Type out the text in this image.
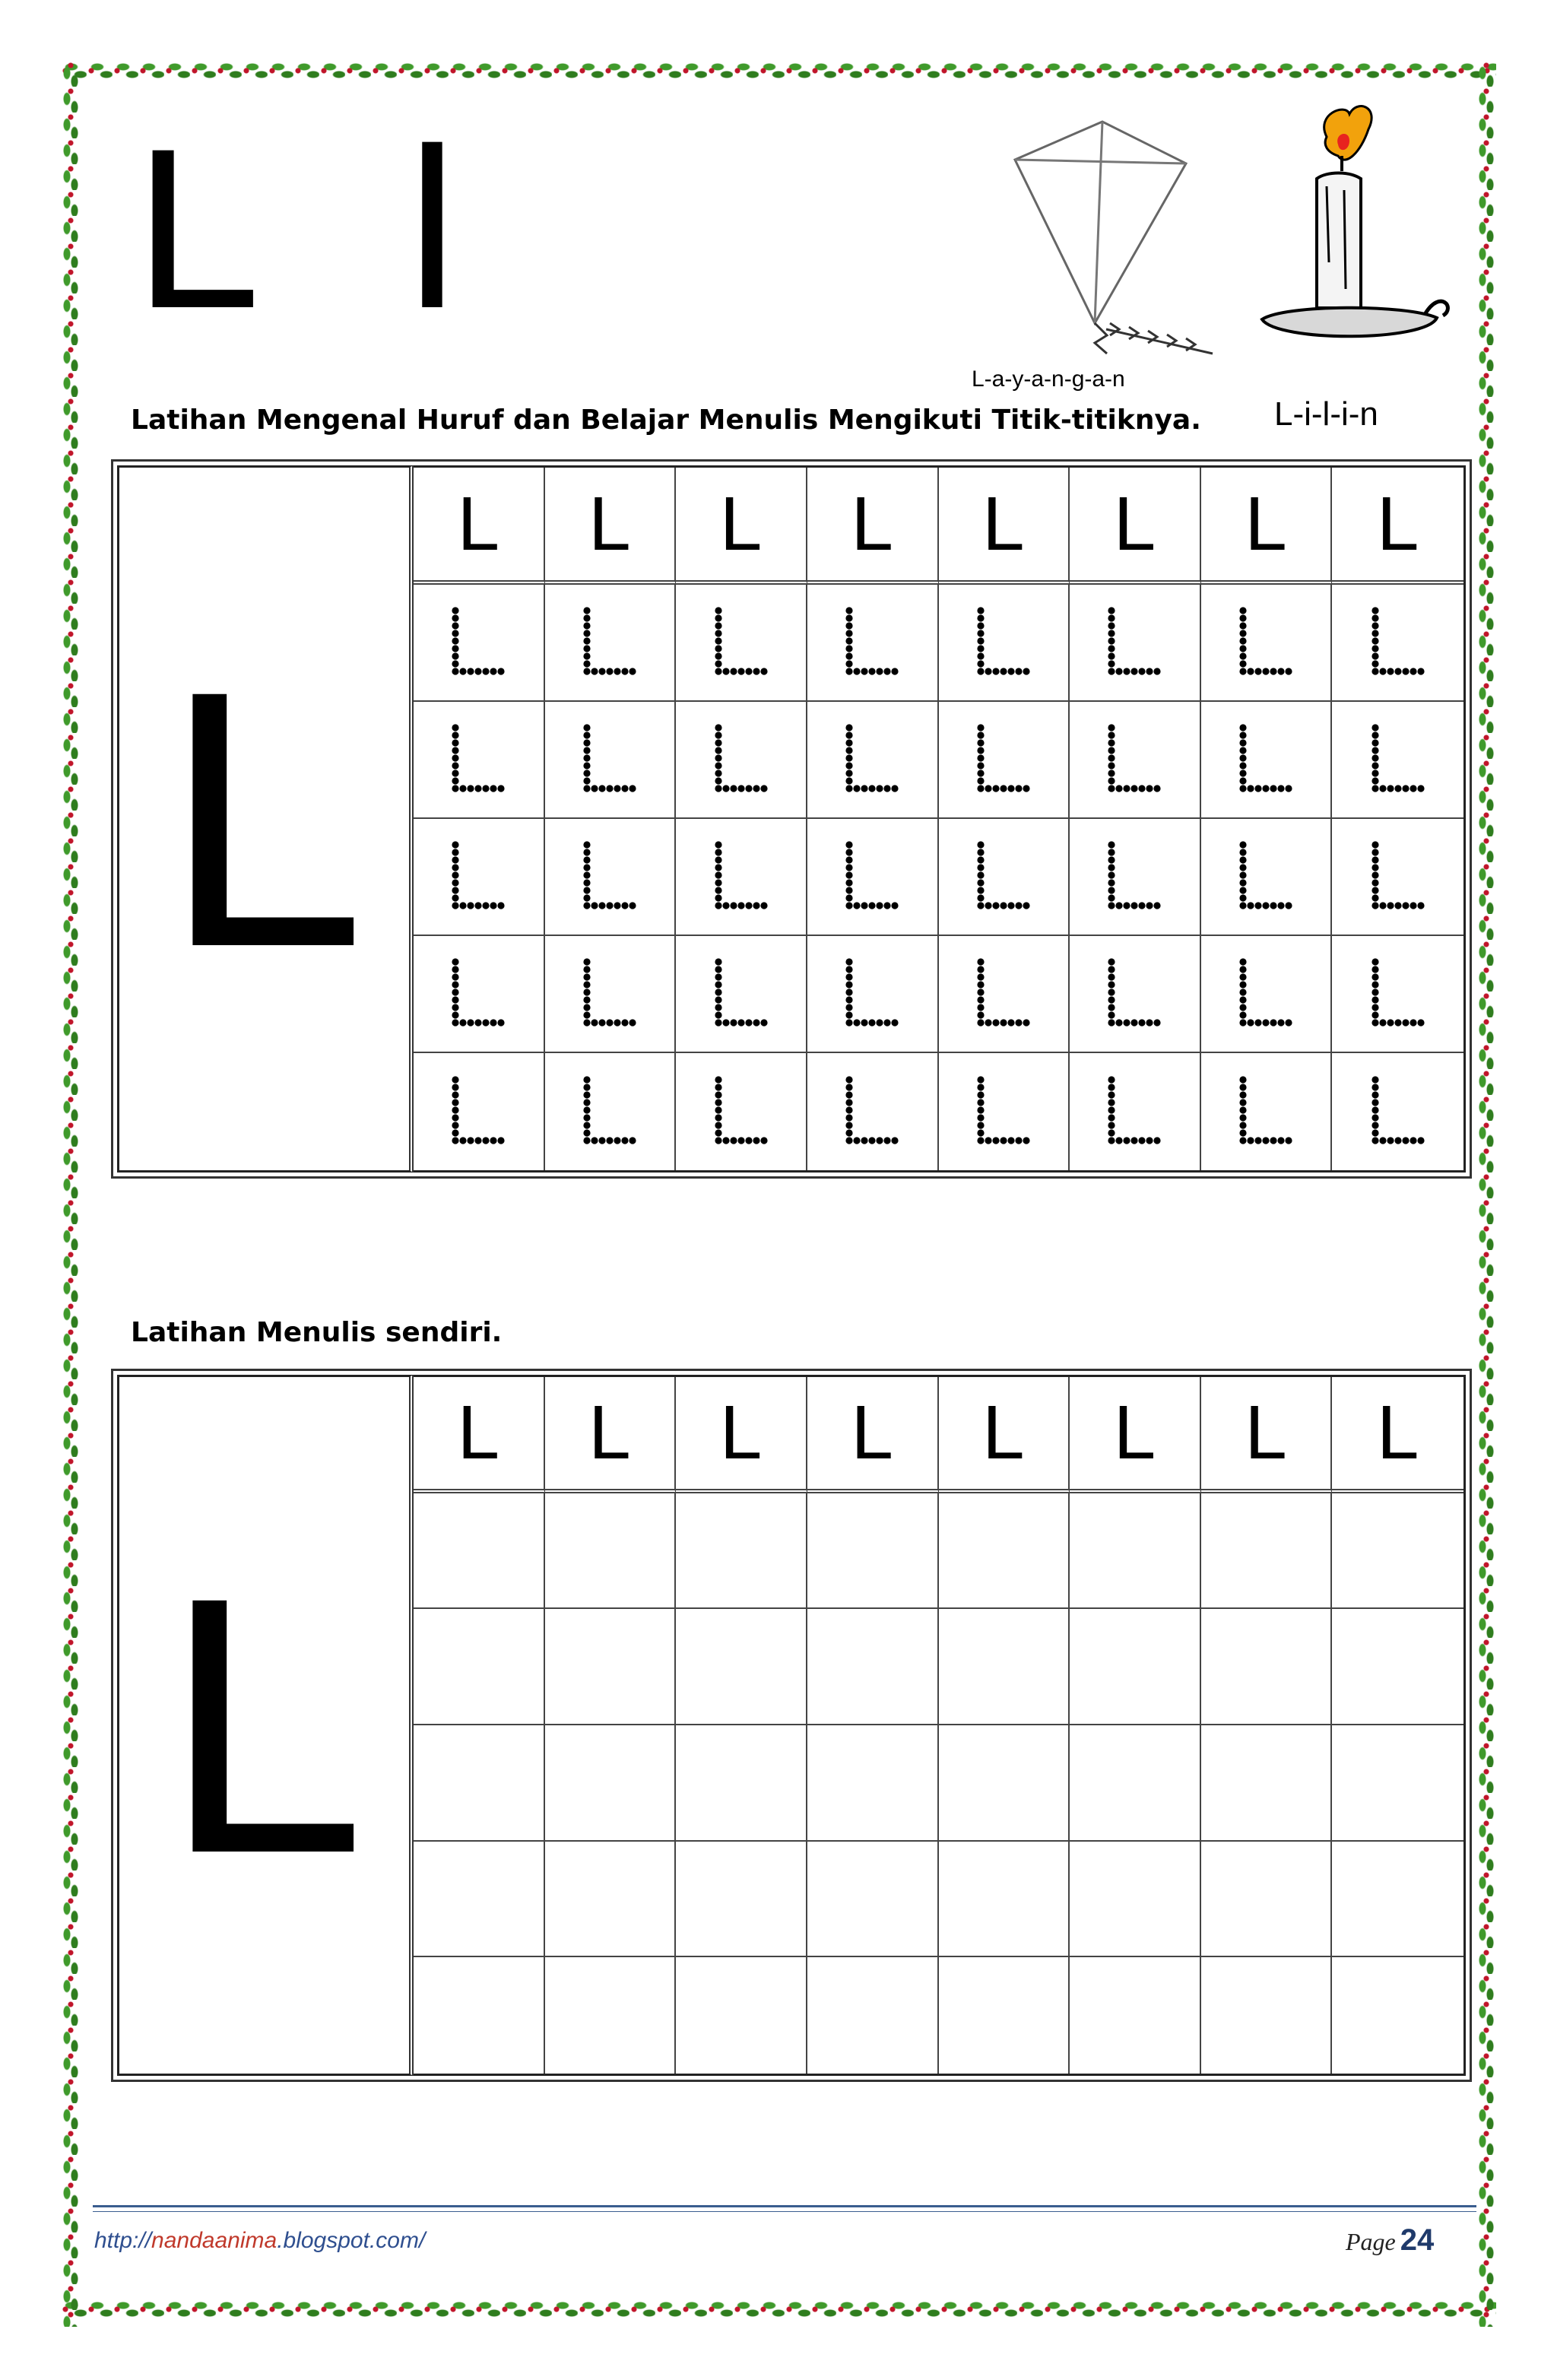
L l
L-a-y-a-n-g-a-n
L-i-l-i-n
Latihan Mengenal Huruf dan Belajar Menulis Mengikuti Titik-titiknya.
L
L L L L L L L L
Latihan Menulis sendiri.
L
L L L L L L L L
http://nandaanima.blogspot.com/	Page 24
